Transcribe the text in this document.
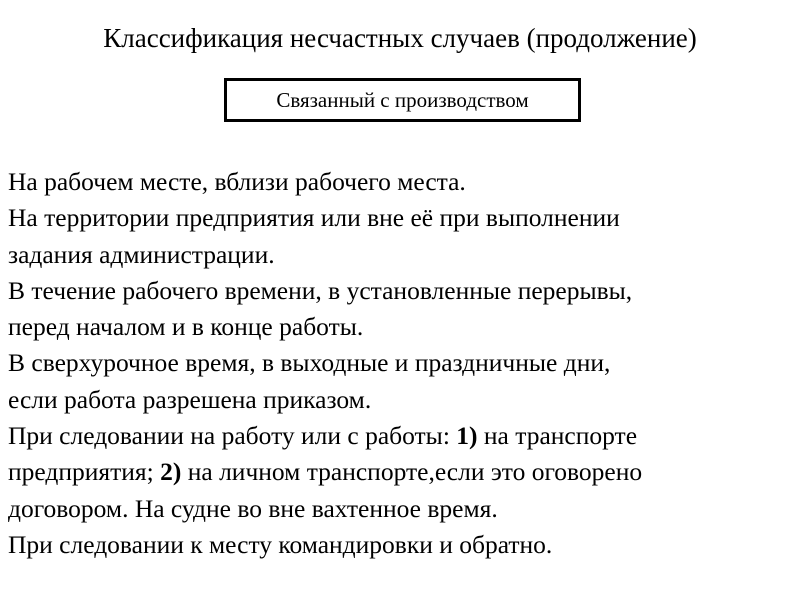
Классификация несчастных случаев (продолжение)
Связанный с производством
На рабочем месте, вблизи рабочего места.
На территории предприятия или вне её при выполнении
задания администрации.
В течение рабочего времени, в установленные перерывы,
перед началом и в конце работы.
В сверхурочное время, в выходные и праздничные дни,
если работа разрешена приказом.
При следовании на работу или с работы: 1) на транспорте
предприятия; 2) на личном транспорте,если это оговорено
договором. На судне во вне вахтенное время.
При следовании к месту командировки и обратно.
